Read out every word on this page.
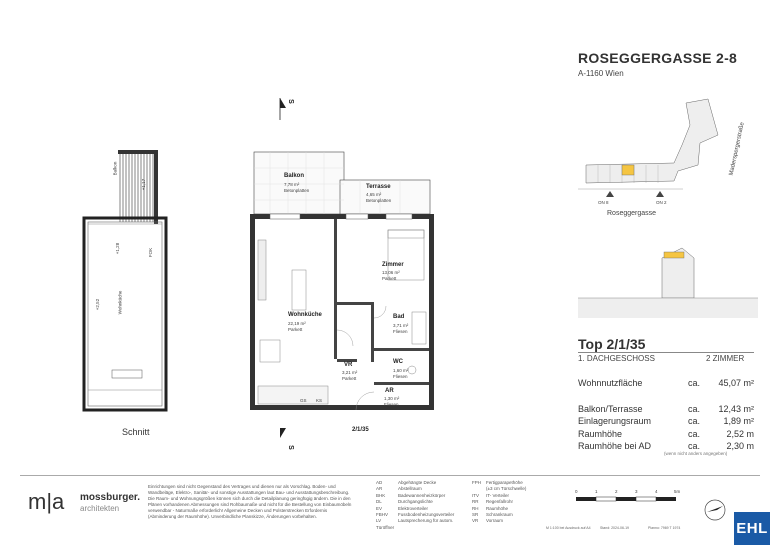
Balkon
+1,17
+1,28	FOK
+2,52	Wohnküche
Schnitt
Balkon
7,78 m²
Betonplatten
Terrasse
4,65 m²
Betonplatten
Zimmer
13,06 m²
Parkett
Wohnküche
22,19 m²
Parkett
Bad
3,71 m²
Fliesen
VR
3,21 m²
Parkett
WC
1,60 m²
Fliesen
AR
1,30 m²
Fliesen
GS KS
S
S
2/1/35
ROSEGGERGASSE 2-8
A-1160 Wien
ON 8	ON 2
Roseggergasse
Maderspergerstraße
Top 2/1/35
1. DACHGESCHOSS	2 ZIMMER
Wohnnutzfläche	ca.	45,07 m²
Balkon/Terrasse	ca.	12,43 m²
Einlagerungsraum	ca.	1,89 m²
Raumhöhe	ca.	2,52 m
Raumhöhe bei AD	ca.	2,30 m
(wenn nicht anders angegeben)
m|a mossburger.
architekten
Einrichtungen sind nicht Gegenstand des Vertrages und dienen nur als Vorschlag. Boden- und Wandbeläge, Elektro-, Sanitär- und sonstige Ausstattungen laut Bau- und Ausstattungsbeschreibung. Die Raum- und Wohnungsgrößen können sich durch die Detailplanung geringfügig ändern. Die in den Plänen vorhandenen Abmessungen sind Rohbaumaße und nicht für die Bestellung von Einbaumöbeln verwendbar - Naturmaße erforderlich! Allgemeine Decken und Polsterstrecken Erfordernis (Abminderung der Raumhöhe). Unverbindliche Planskizze, Änderungen vorbehalten.
AD	Abgehängte Decke
AR	Abstellraum
BHK	Badewannenheizkörper
DL	Durchgangslichte
EV	Elektroverteiler
FBHV Fussbodenheizungsverteiler
LV	Lautsprecherung für autom. Türöffner
FPH Fertigparapethöhe
(±3 cm Türschwelle)
ITV IT- Verteiler
RR Regenfallrohr
RH Raumhöhe
SR Schrankraum
VR Vorraum
0	1	2	3	4	5m
M 1:100 bei Ausdruck auf A4	Stand: 2024-06-19	Planno: 7969 T 1974	EHL
